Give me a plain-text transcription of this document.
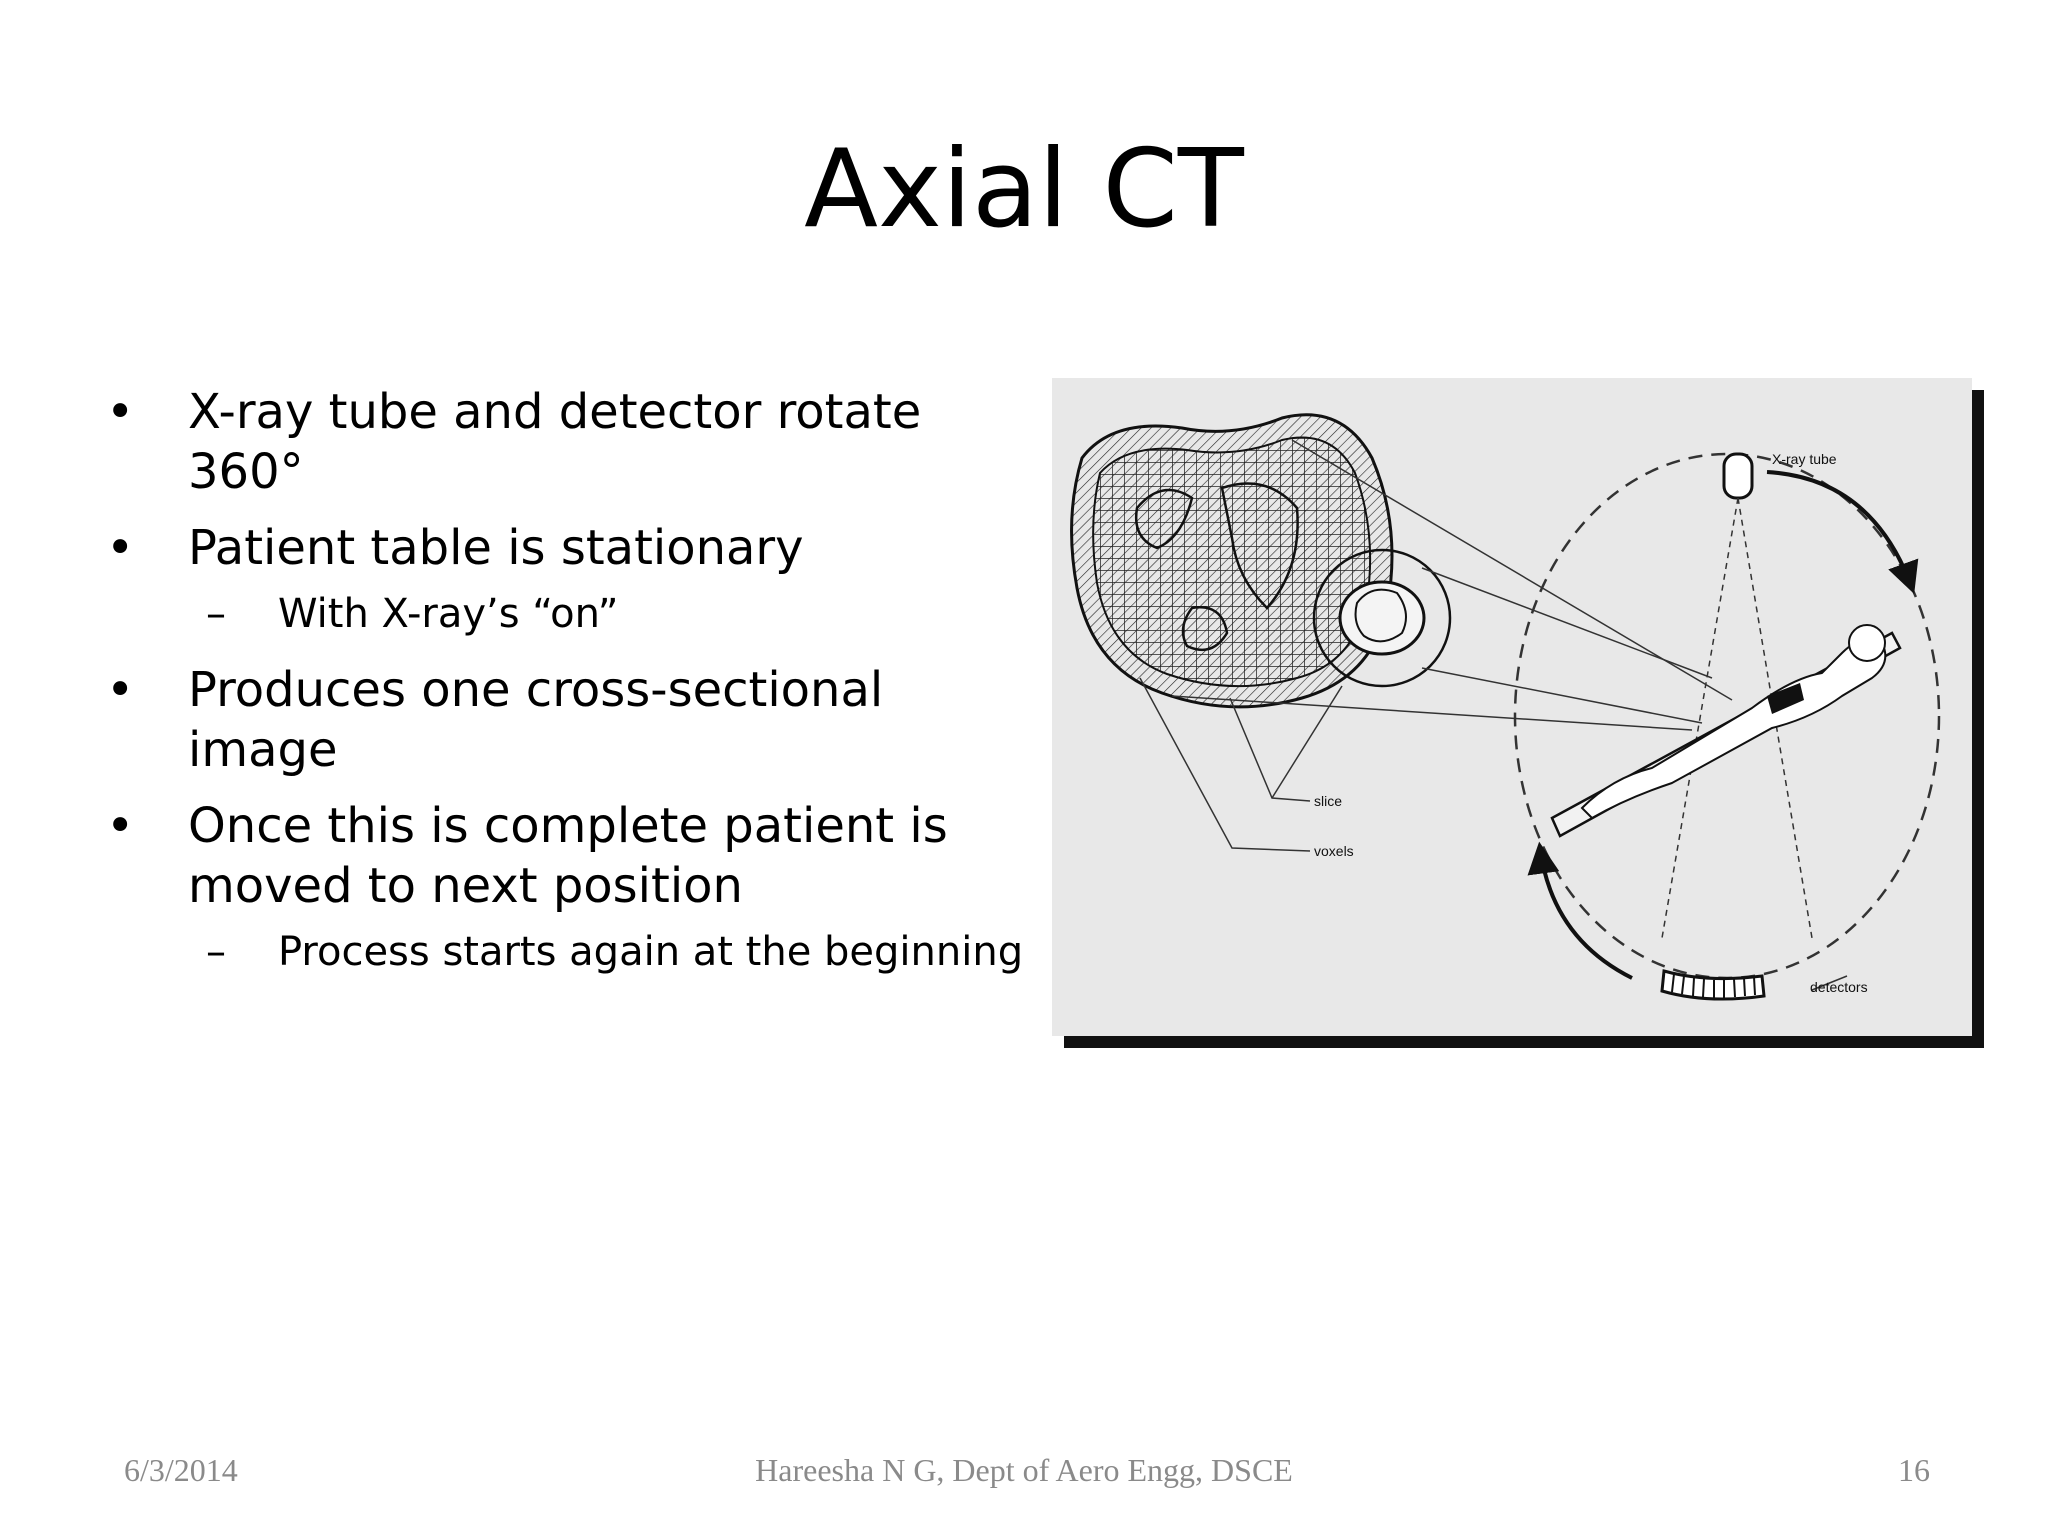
Axial CT
• X-ray tube and detector rotate 360°
• Patient table is stationary
– With X-ray’s “on”
• Produces one cross-sectional image
• Once this is complete patient is moved to next position
– Process starts again at the beginning
X-ray tube
slice
voxels
detectors
6/3/2014	Hareesha N G, Dept of Aero Engg, DSCE	16
